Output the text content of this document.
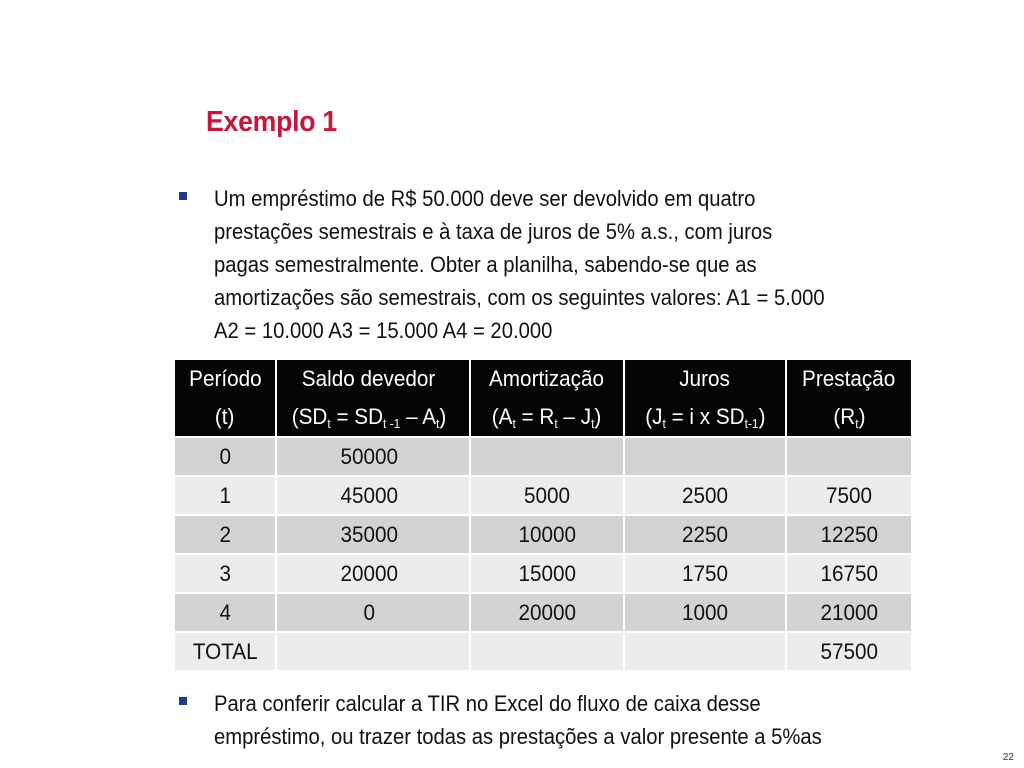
Exemplo 1
Um empréstimo de R$ 50.000 deve ser devolvido em quatro
prestações semestrais e à taxa de juros de 5% a.s., com juros
pagas semestralmente. Obter a planilha, sabendo-se que as
amortizações são semestrais, com os seguintes valores: A1 = 5.000
A2 = 10.000 A3 = 15.000 A4 = 20.000
Período	Saldo devedor	Amortização	Juros	Prestação
(t)	$(SD_t = SD_{t -1} - A_t)$	$(A_t = R_t - J_t)$	($J_t = i$ x $SD_{t-1}$)	$(R_t)$
0	50000			
1	45000	5000	2500	7500
2	35000	10000	2250	12250
3	20000	15000	1750	16750
4	0	20000	1000	21000
TOTAL				57500
Para conferir calcular a TIR no Excel do fluxo de caixa desse
empréstimo, ou trazer todas as prestações a valor presente a 5%as
22
